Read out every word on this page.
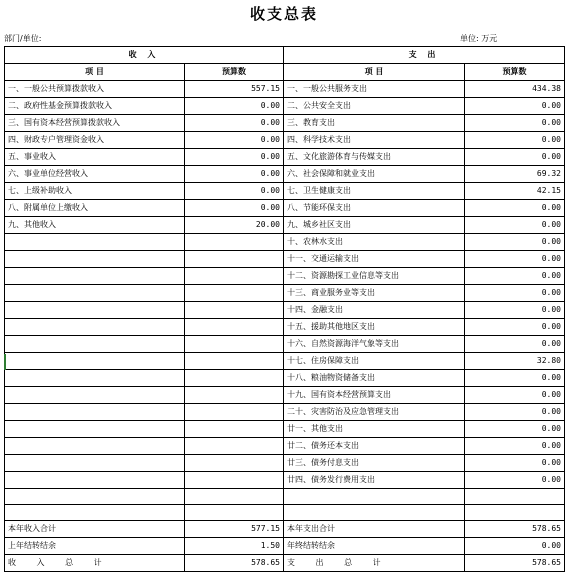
收支总表
部门/单位:	单位: 万元
收 入		支 出	
项 目	预算数	项 目	预算数
一、一般公共预算拨款收入	557.15	一、一般公共服务支出	434.38
二、政府性基金预算拨款收入	0.00	二、公共安全支出	0.00
三、国有资本经营预算拨款收入	0.00	三、教育支出	0.00
四、财政专户管理资金收入	0.00	四、科学技术支出	0.00
五、事业收入	0.00	五、文化旅游体育与传媒支出	0.00
六、事业单位经营收入	0.00	六、社会保障和就业支出	69.32
七、上级补助收入	0.00	七、卫生健康支出	42.15
八、附属单位上缴收入	0.00	八、节能环保支出	0.00
九、其他收入	20.00	九、城乡社区支出	0.00
		十、农林水支出	0.00
		十一、交通运输支出	0.00
		十二、资源勘探工业信息等支出	0.00
		十三、商业服务业等支出	0.00
		十四、金融支出	0.00
		十五、援助其他地区支出	0.00
		十六、自然资源海洋气象等支出	0.00
		十七、住房保障支出	32.80
		十八、粮油物资储备支出	0.00
		十九、国有资本经营预算支出	0.00
		二十、灾害防治及应急管理支出	0.00
		廿一、其他支出	0.00
		廿二、债务还本支出	0.00
		廿三、债务付息支出	0.00
		廿四、债务发行费用支出	0.00

本年收入合计	577.15	本年支出合计	578.65
上年结转结余	1.50	年终结转结余	0.00
收 入 总 计	578.65	支 出 总 计	578.65
